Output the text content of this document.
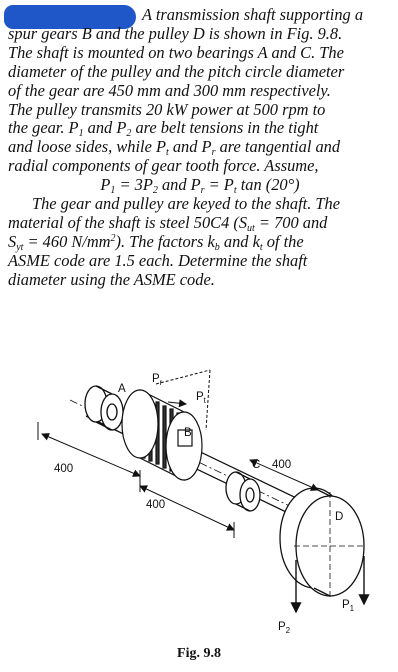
A transmission shaft supporting a

spur gears B and the pulley D is shown in Fig. 9.8.

The shaft is mounted on two bearings A and C. The

diameter of the pulley and the pitch circle diameter

of the gear are 450 mm and 300 mm respectively.

The pulley transmits 20 kW power at 500 rpm to

the gear. $P_1$ and $P_2$ are belt tensions in the tight

and loose sides, while $P_t$ and $P_r$ are tangential and

radial components of gear tooth force. Assume,

$P_1 = 3P_2$ and $P_r = P_t$ tan (20°)

The gear and pulley are keyed to the shaft. The

material of the shaft is steel 50C4 ($S_{ut} = 700$ and

$S_{yt} = 460$ $N/mm^2$). The factors $k_b$ and $k_t$ of the

ASME code are 1.5 each. Determine the shaft

diameter using the ASME code.

A
$P_r$
$P_t$
B
C
D
400
400
400
$P_2$
$P_1$
Fig. 9.8
